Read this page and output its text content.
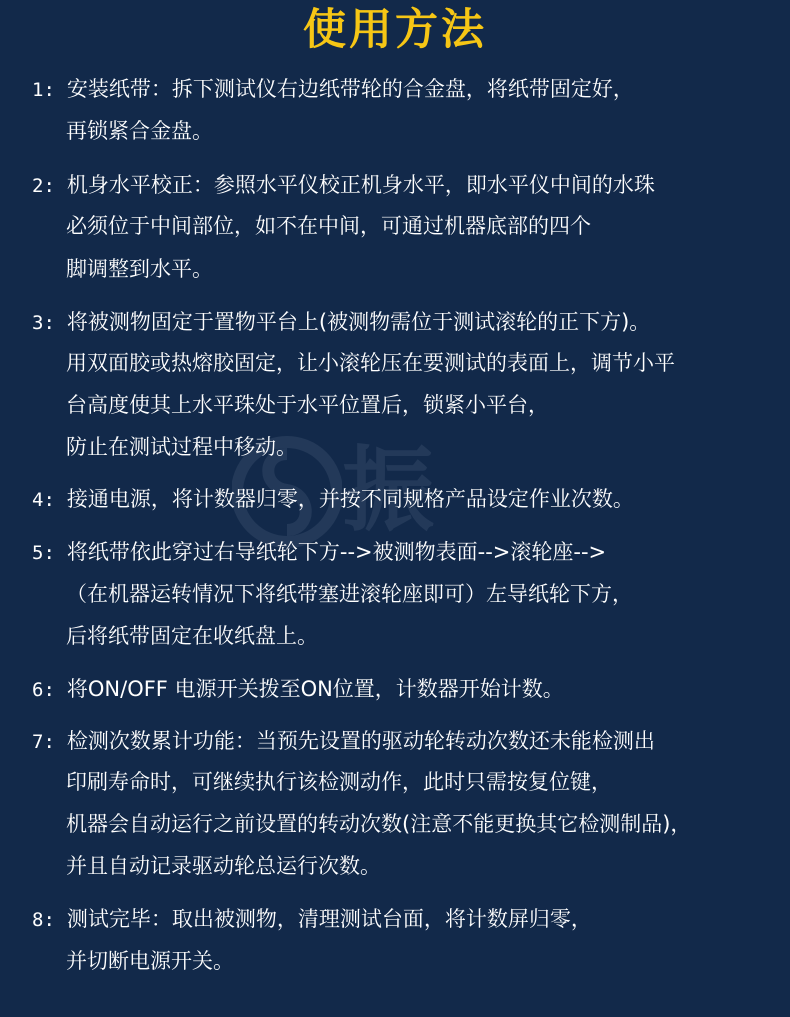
使用方法
振
1: 安装纸带：拆下测试仪右边纸带轮的合金盘，将纸带固定好，
再锁紧合金盘。
2: 机身水平校正：参照水平仪校正机身水平，即水平仪中间的水珠
必须位于中间部位，如不在中间，可通过机器底部的四个
脚调整到水平。
3: 将被测物固定于置物平台上(被测物需位于测试滚轮的正下方)。
用双面胶或热熔胶固定，让小滚轮压在要测试的表面上，调节小平
台高度使其上水平珠处于水平位置后，锁紧小平台，
防止在测试过程中移动。
4: 接通电源，将计数器归零，并按不同规格产品设定作业次数。
5: 将纸带依此穿过右导纸轮下方-->被测物表面-->滚轮座-->
（在机器运转情况下将纸带塞进滚轮座即可）左导纸轮下方，
后将纸带固定在收纸盘上。
6: 将ON/OFF 电源开关拨至ON位置，计数器开始计数。
7: 检测次数累计功能：当预先设置的驱动轮转动次数还未能检测出
印刷寿命时，可继续执行该检测动作，此时只需按复位键，
机器会自动运行之前设置的转动次数(注意不能更换其它检测制品)，
并且自动记录驱动轮总运行次数。
8: 测试完毕：取出被测物，清理测试台面，将计数屏归零，
并切断电源开关。
